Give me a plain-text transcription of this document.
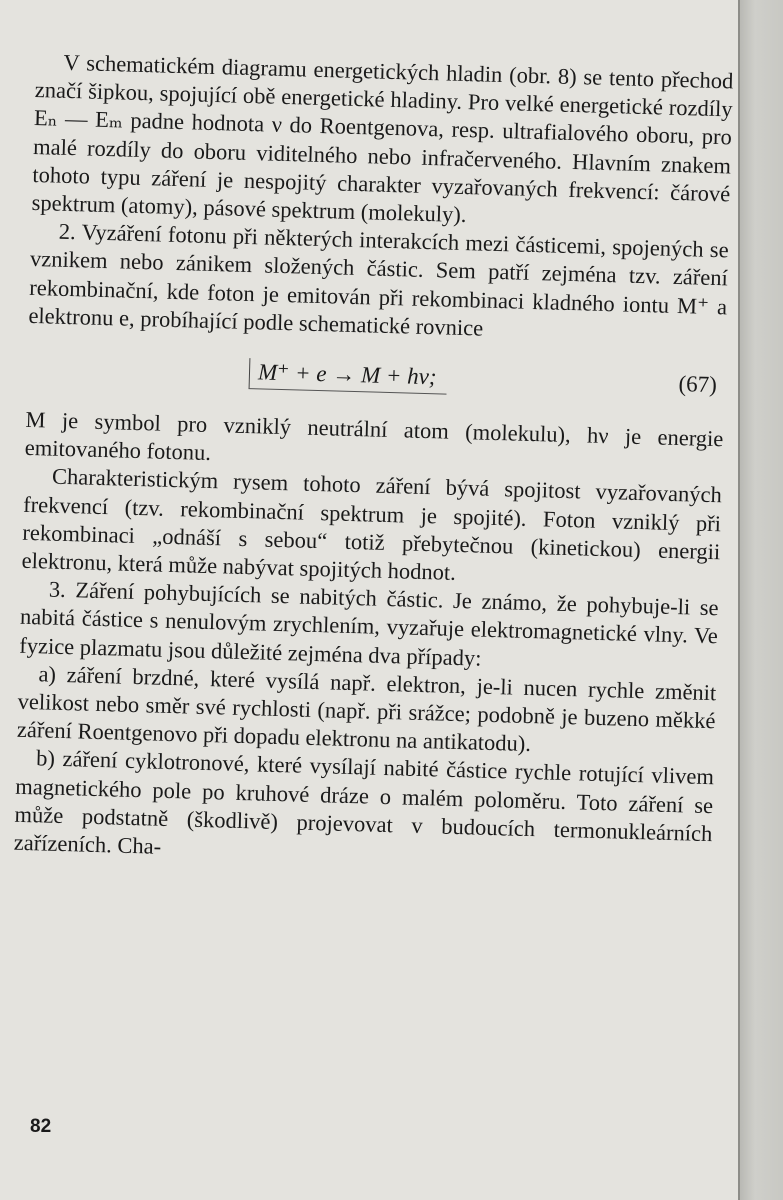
V schematickém diagramu energetických hladin (obr. 8) se tento přechod značí šipkou, spojující obě energetické hladiny. Pro velké energetické rozdíly Eₙ — Eₘ padne hodnota ν do Roentgenova, resp. ultrafialového oboru, pro malé rozdíly do oboru viditelného nebo infračerveného. Hlavním znakem tohoto typu záření je nespojitý charakter vyzařovaných frekvencí: čárové spektrum (atomy), pásové spektrum (molekuly).

2. Vyzáření fotonu při některých interakcích mezi částicemi, spojených se vznikem nebo zánikem složených částic. Sem patří zejména tzv. záření rekombinační, kde foton je emitován při rekombinaci kladného iontu M⁺ a elektronu e, probíhající podle schematické rovnice

M⁺ + e → M + hν;	(67)

M je symbol pro vzniklý neutrální atom (molekulu), hν je energie emitovaného fotonu.

Charakteristickým rysem tohoto záření bývá spojitost vyzařovaných frekvencí (tzv. rekombinační spektrum je spojité). Foton vzniklý při rekombinaci „odnáší s sebou“ totiž přebytečnou (kinetickou) energii elektronu, která může nabývat spojitých hodnot.

3. Záření pohybujících se nabitých částic. Je známo, že pohybuje-li se nabitá částice s nenulovým zrychlením, vyzařuje elektromagnetické vlny. Ve fyzice plazmatu jsou důležité zejména dva případy:

a) záření brzdné, které vysílá např. elektron, je-li nucen rychle změnit velikost nebo směr své rychlosti (např. při srážce; podobně je buzeno měkké záření Roentgenovo při dopadu elektronu na antikatodu).

b) záření cyklotronové, které vysílají nabité částice rychle rotující vlivem magnetického pole po kruhové dráze o malém poloměru. Toto záření se může podstatně (škodlivě) projevovat v budoucích termonukleárních zařízeních. Cha-

82
